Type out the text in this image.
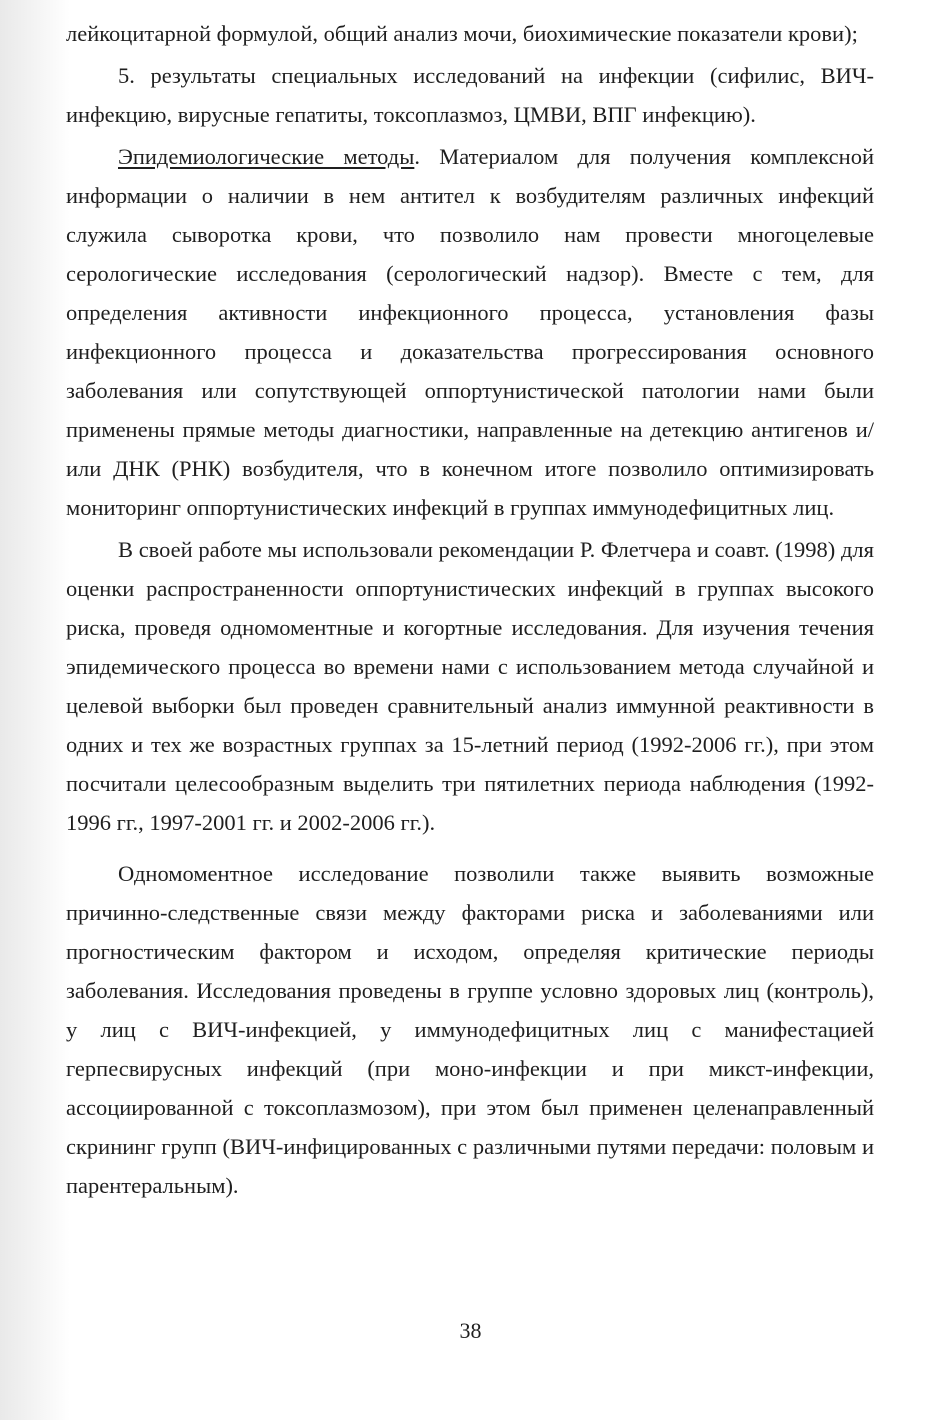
лейкоцитарной формулой, общий анализ мочи, биохимические показатели крови);

5. результаты специальных исследований на инфекции (сифилис, ВИЧ-инфекцию, вирусные гепатиты, токсоплазмоз, ЦМВИ, ВПГ инфекцию).

Эпидемиологические методы. Материалом для получения комплексной информации о наличии в нем антител к возбудителям различных инфекций служила сыворотка крови, что позволило нам провести многоцелевые серологические исследования (серологический надзор). Вместе с тем, для определения активности инфекционного процесса, установления фазы инфекционного процесса и доказательства прогрессирования основного заболевания или сопутствующей оппортунистической патологии нами были применены прямые методы диагностики, направленные на детекцию антигенов и/или ДНК (РНК) возбудителя, что в конечном итоге позволило оптимизировать мониторинг оппортунистических инфекций в группах иммунодефицитных лиц.

В своей работе мы использовали рекомендации Р. Флетчера и соавт. (1998) для оценки распространенности оппортунистических инфекций в группах высокого риска, проведя одномоментные и когортные исследования. Для изучения течения эпидемического процесса во времени нами с использованием метода случайной и целевой выборки был проведен сравнительный анализ иммунной реактивности в одних и тех же возрастных группах за 15-летний период (1992-2006 гг.), при этом посчитали целесообразным выделить три пятилетних периода наблюдения (1992-1996 гг., 1997-2001 гг. и 2002-2006 гг.).

Одномоментное исследование позволили также выявить возможные причинно-следственные связи между факторами риска и заболеваниями или прогностическим фактором и исходом, определяя критические периоды заболевания. Исследования проведены в группе условно здоровых лиц (контроль), у лиц с ВИЧ-инфекцией, у иммунодефицитных лиц с манифестацией герпесвирусных инфекций (при моно-инфекции и при микст-инфекции, ассоциированной с токсоплазмозом), при этом был применен целенаправленный скрининг групп (ВИЧ-инфицированных с различными путями передачи: половым и парентеральным).

38
